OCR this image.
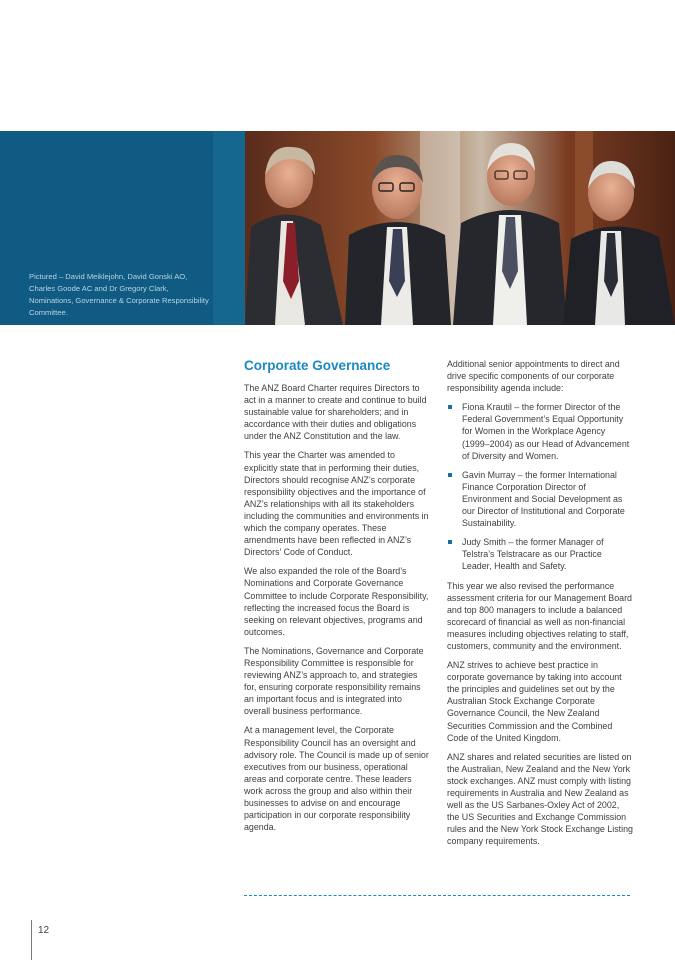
Pictured – David Meiklejohn, David Gonski AO, Charles Goode AC and Dr Gregory Clark, Nominations, Governance & Corporate Responsibility Committee.
Corporate Governance

The ANZ Board Charter requires Directors to act in a manner to create and continue to build sustainable value for shareholders; and in accordance with their duties and obligations under the ANZ Constitution and the law.

This year the Charter was amended to explicitly state that in performing their duties, Directors should recognise ANZ’s corporate responsibility objectives and the importance of ANZ’s relationships with all its stakeholders including the communities and environments in which the company operates. These amendments have been reflected in ANZ’s Directors’ Code of Conduct.

We also expanded the role of the Board’s Nominations and Corporate Governance Committee to include Corporate Responsibility, reflecting the increased focus the Board is seeking on relevant objectives, programs and outcomes.

The Nominations, Governance and Corporate Responsibility Committee is responsible for reviewing ANZ’s approach to, and strategies for, ensuring corporate responsibility remains an important focus and is integrated into overall business performance.

At a management level, the Corporate Responsibility Council has an oversight and advisory role. The Council is made up of senior executives from our business, operational areas and corporate centre. These leaders work across the group and also within their businesses to advise on and encourage participation in our corporate responsibility agenda.

Additional senior appointments to direct and drive specific components of our corporate responsibility agenda include:

Fiona Krautil – the former Director of the Federal Government’s Equal Opportunity for Women in the Workplace Agency (1999–2004) as our Head of Advancement of Diversity and Women.
Gavin Murray – the former International Finance Corporation Director of Environment and Social Development as our Director of Institutional and Corporate Sustainability.
Judy Smith – the former Manager of Telstra’s Telstracare as our Practice Leader, Health and Safety.

This year we also revised the performance assessment criteria for our Management Board and top 800 managers to include a balanced scorecard of financial as well as non-financial measures including objectives relating to staff, customers, community and the environment.

ANZ strives to achieve best practice in corporate governance by taking into account the principles and guidelines set out by the Australian Stock Exchange Corporate Governance Council, the New Zealand Securities Commission and the Combined Code of the United Kingdom.

ANZ shares and related securities are listed on the Australian, New Zealand and the New York stock exchanges. ANZ must comply with listing requirements in Australia and New Zealand as well as the US Sarbanes-Oxley Act of 2002, the US Securities and Exchange Commission rules and the New York Stock Exchange Listing company requirements.

12
